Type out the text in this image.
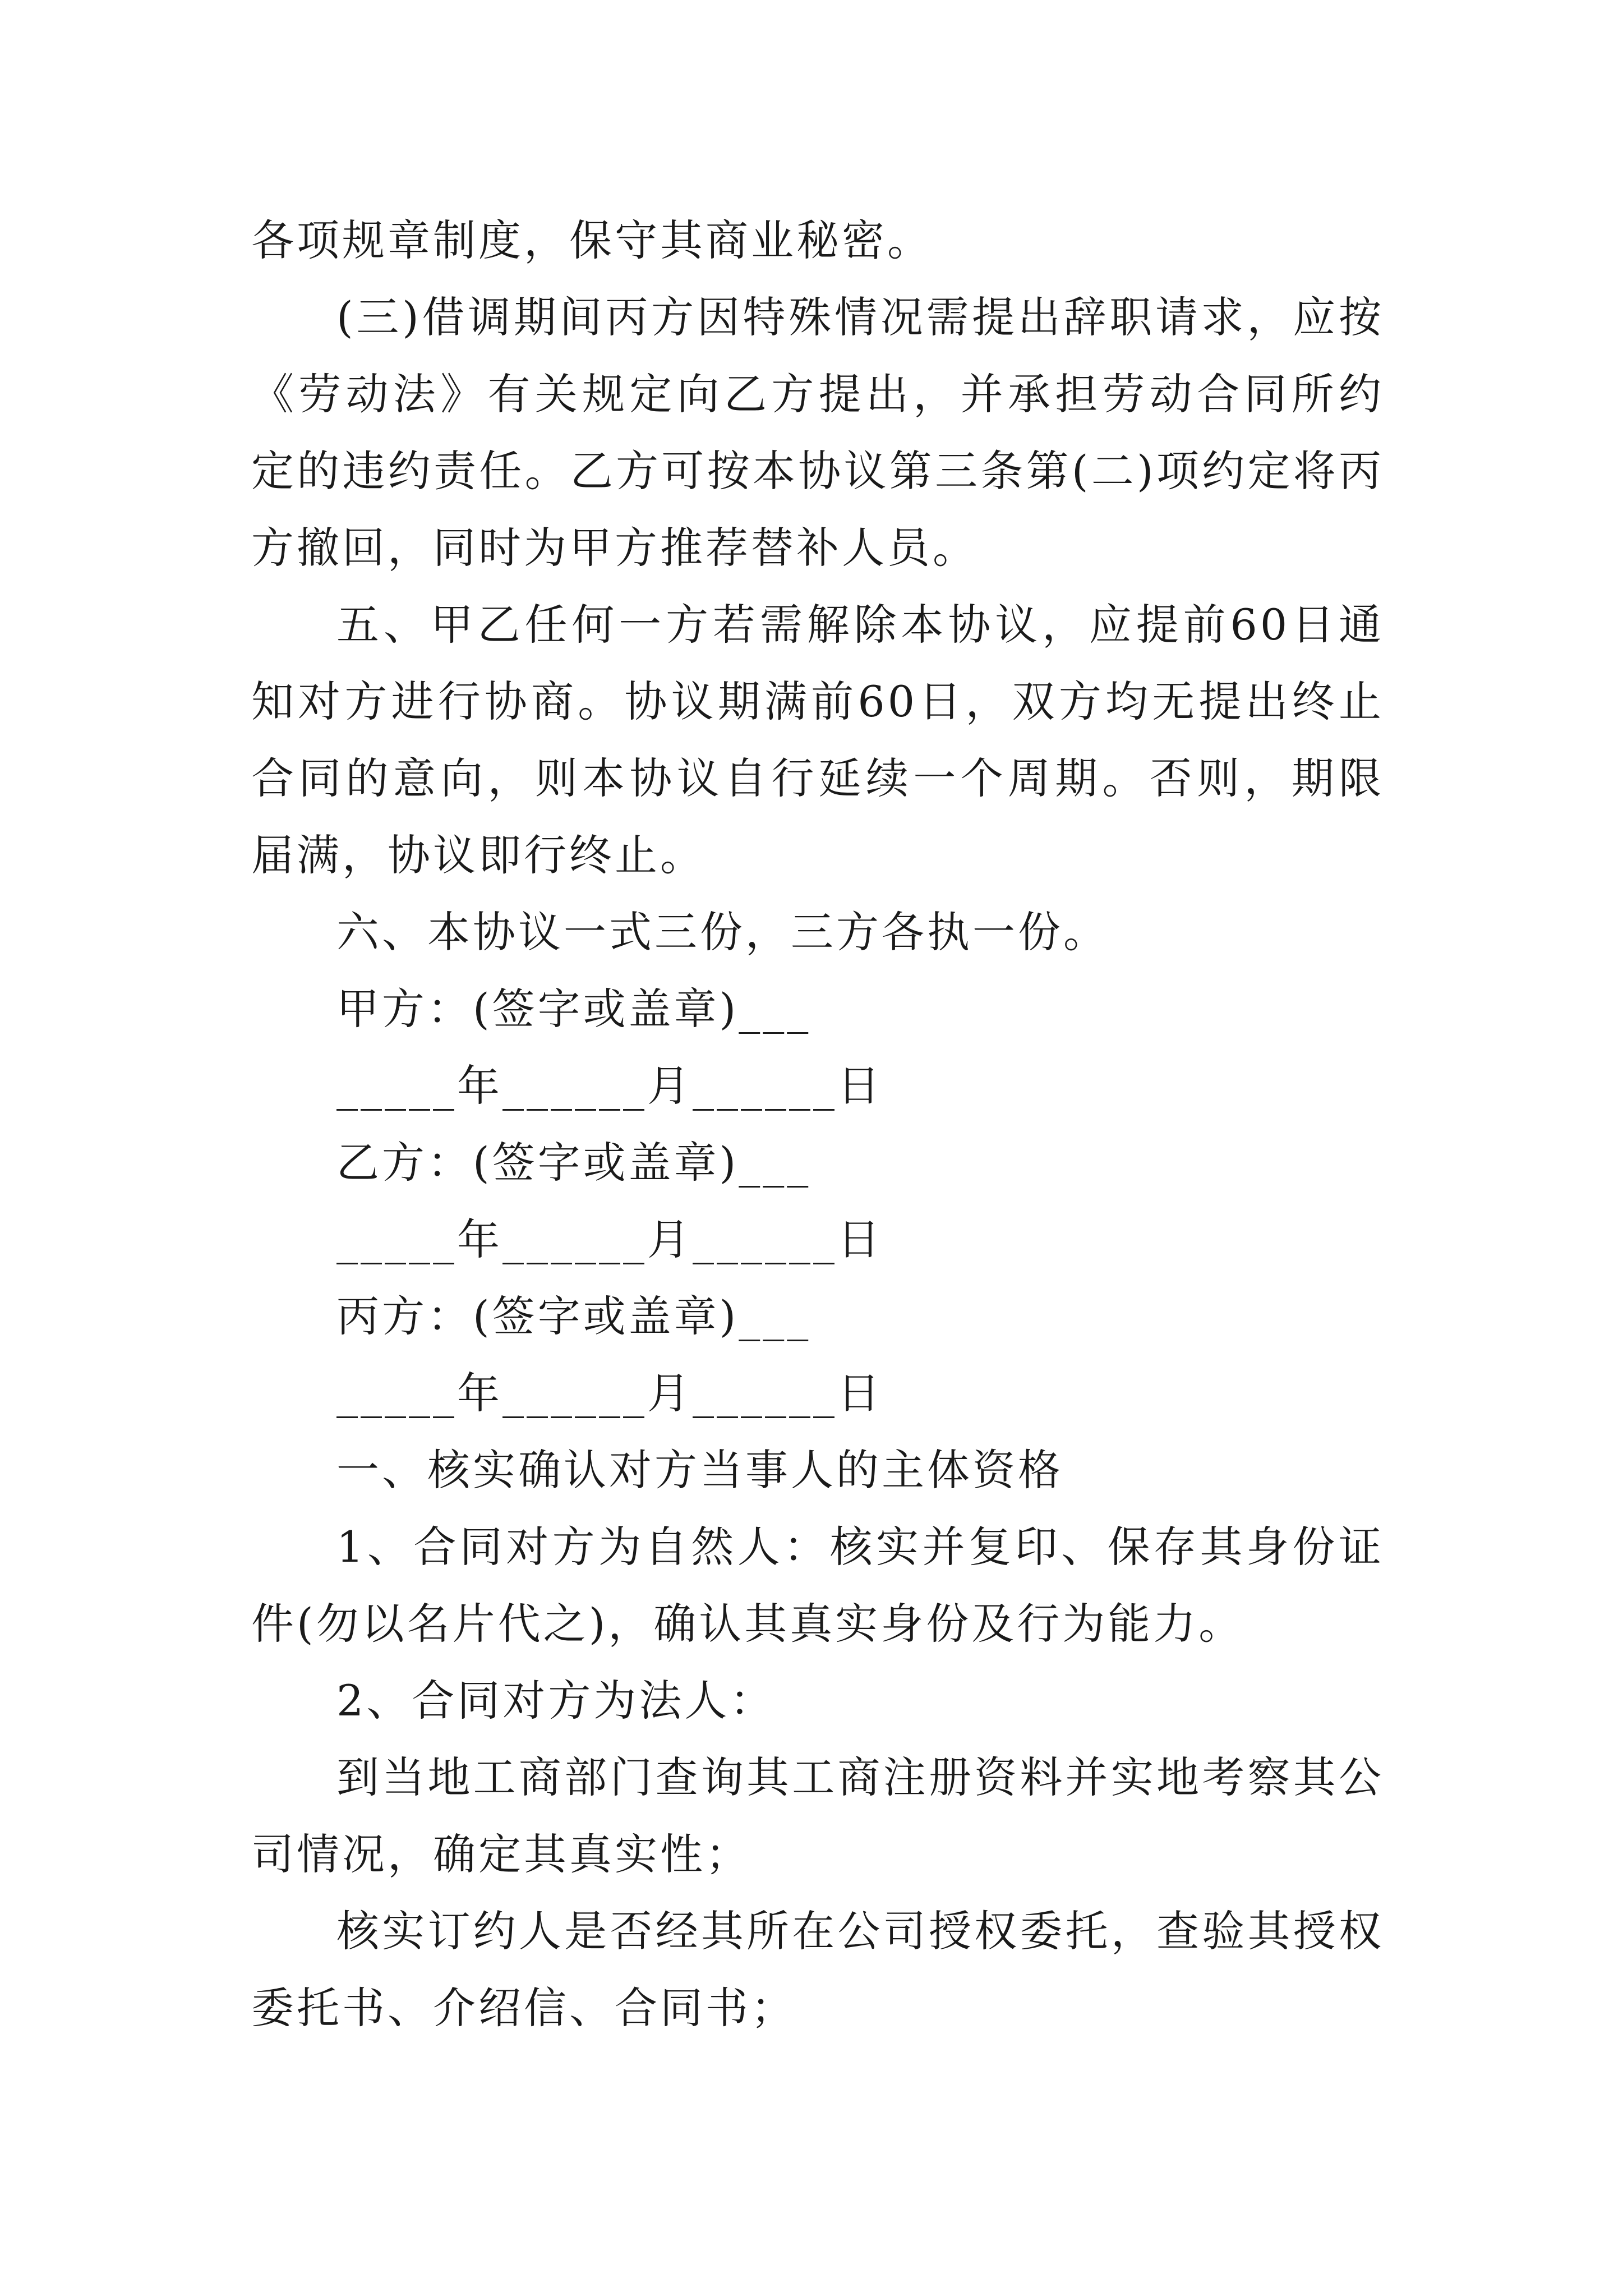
各项规章制度，保守其商业秘密。

(三)借调期间丙方因特殊情况需提出辞职请求，应按《劳动法》有关规定向乙方提出，并承担劳动合同所约定的违约责任。乙方可按本协议第三条第(二)项约定将丙方撤回，同时为甲方推荐替补人员。

五、甲乙任何一方若需解除本协议，应提前60日通知对方进行协商。协议期满前60日，双方均无提出终止合同的意向，则本协议自行延续一个周期。否则，期限届满，协议即行终止。

六、本协议一式三份，三方各执一份。

甲方：(签字或盖章)___

_____年______月______日

乙方：(签字或盖章)___

_____年______月______日

丙方：(签字或盖章)___

_____年______月______日

一、核实确认对方当事人的主体资格

1、合同对方为自然人：核实并复印、保存其身份证件(勿以名片代之)，确认其真实身份及行为能力。

2、合同对方为法人：

到当地工商部门查询其工商注册资料并实地考察其公司情况，确定其真实性；

核实订约人是否经其所在公司授权委托，查验其授权委托书、介绍信、合同书；
